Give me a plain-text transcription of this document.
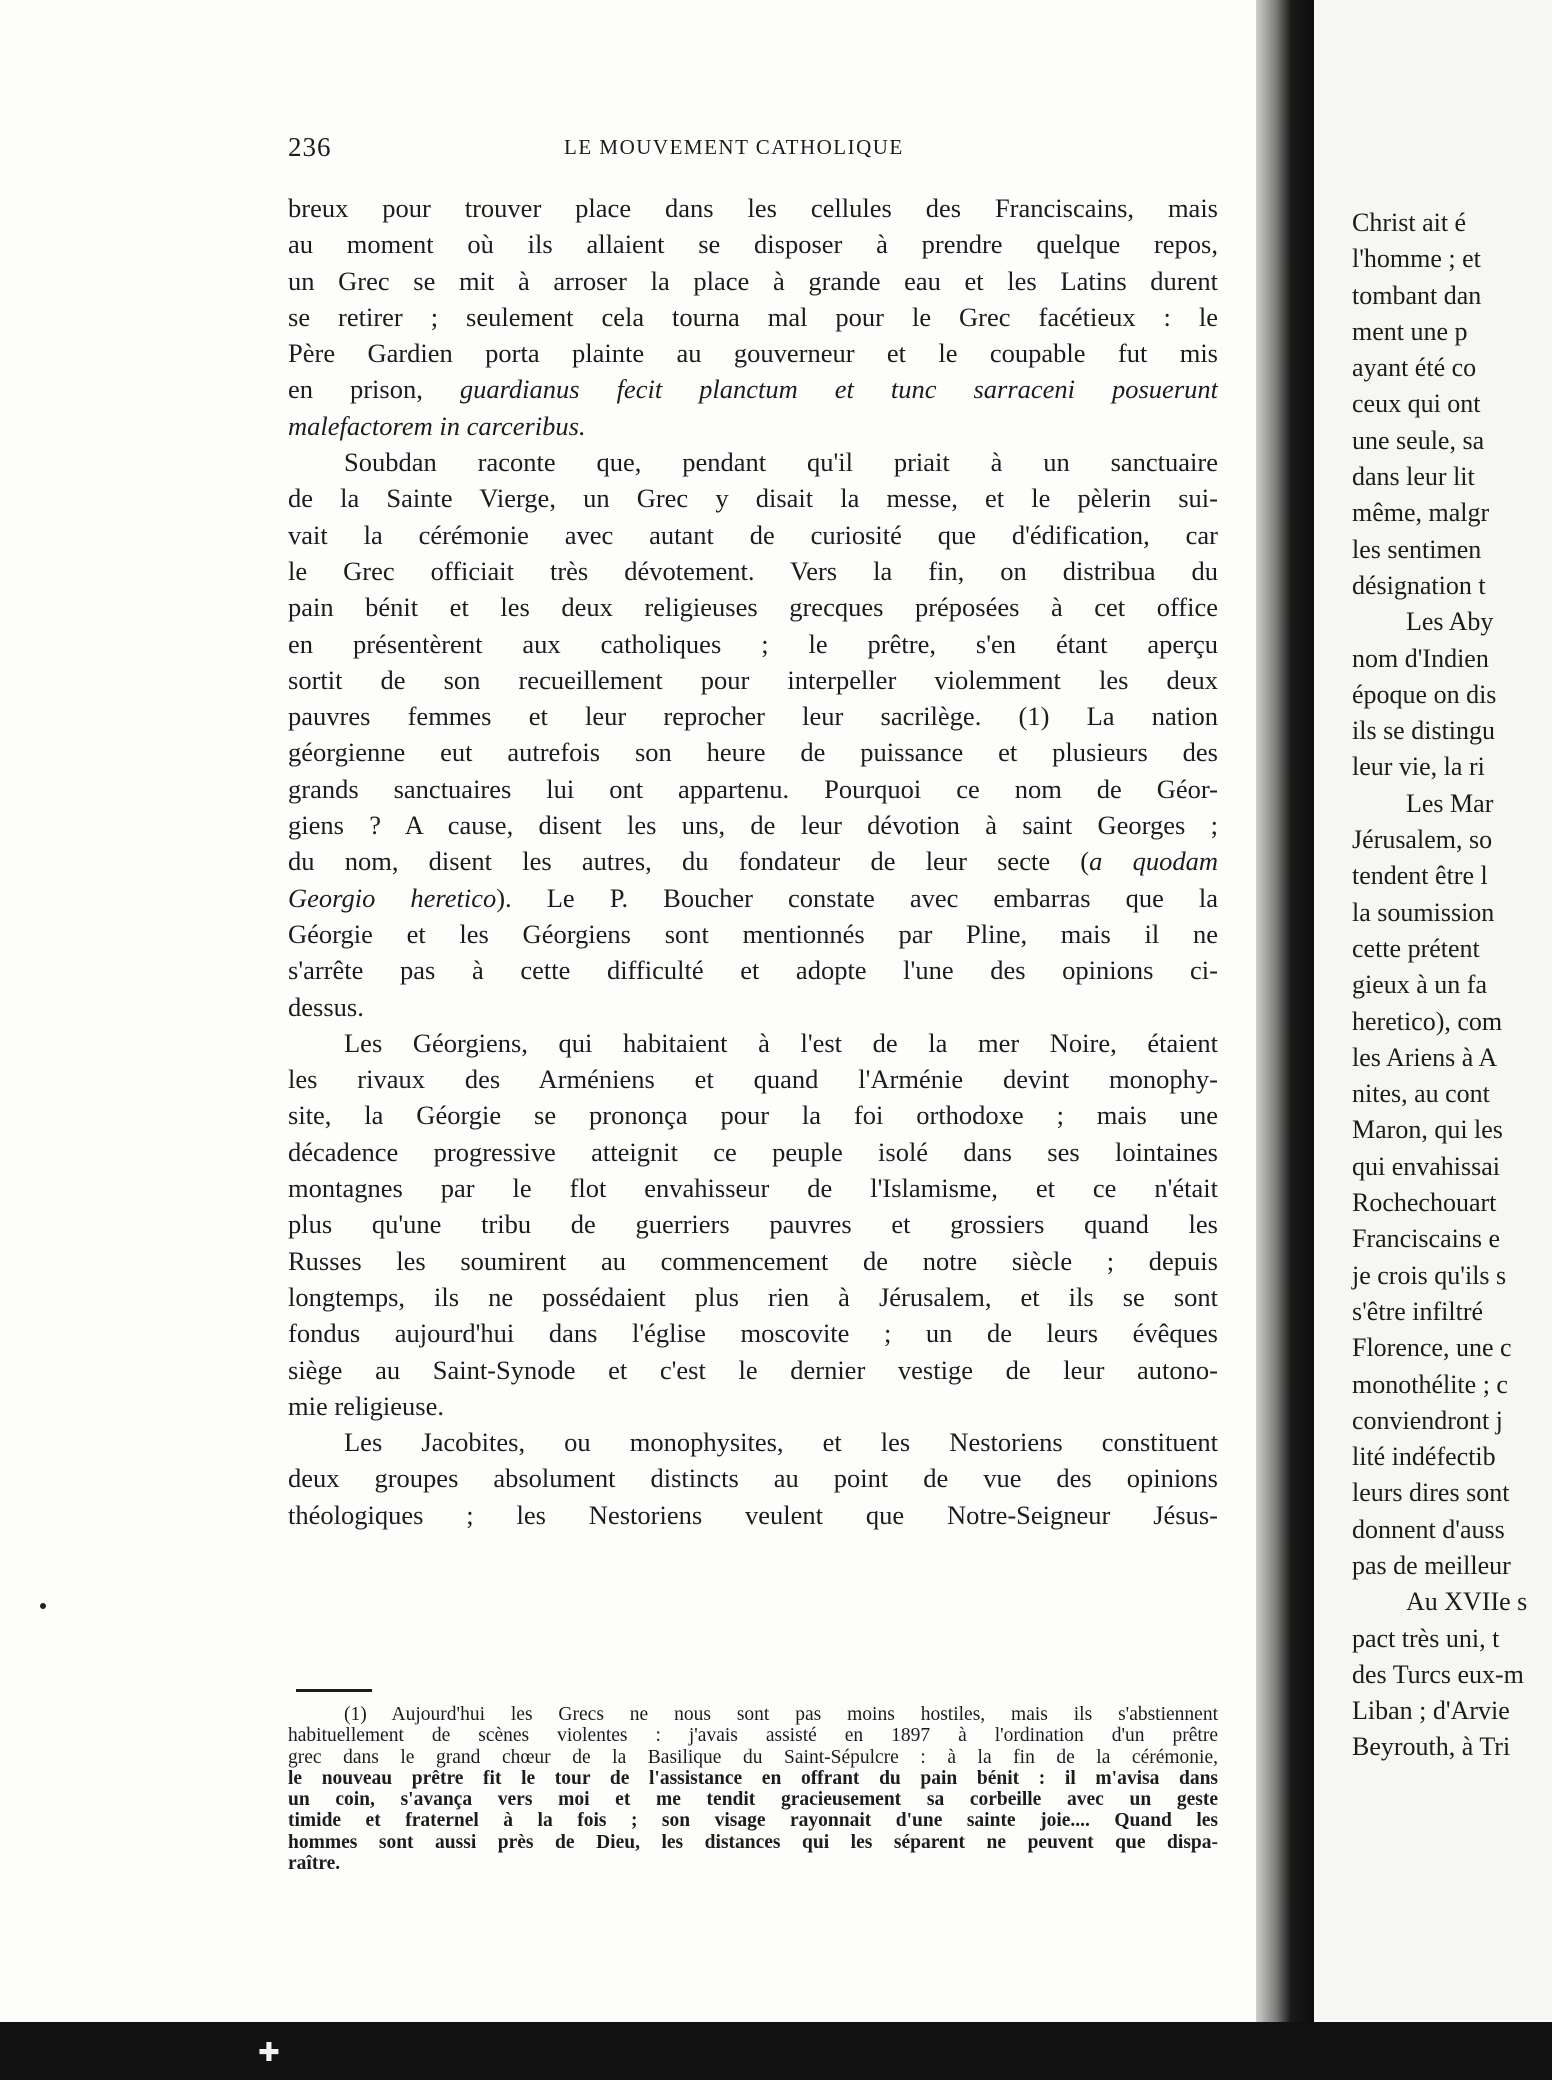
236	LE MOUVEMENT CATHOLIQUE
breux pour trouver place dans les cellules des Franciscains, mais
au moment où ils allaient se disposer à prendre quelque repos,
un Grec se mit à arroser la place à grande eau et les Latins durent
se retirer ; seulement cela tourna mal pour le Grec facétieux : le
Père Gardien porta plainte au gouverneur et le coupable fut mis
en prison, guardianus fecit planctum et tunc sarraceni posuerunt
malefactorem in carceribus.
Soubdan raconte que, pendant qu'il priait à un sanctuaire
de la Sainte Vierge, un Grec y disait la messe, et le pèlerin sui-
vait la cérémonie avec autant de curiosité que d'édification, car
le Grec officiait très dévotement. Vers la fin, on distribua du
pain bénit et les deux religieuses grecques préposées à cet office
en présentèrent aux catholiques ; le prêtre, s'en étant aperçu
sortit de son recueillement pour interpeller violemment les deux
pauvres femmes et leur reprocher leur sacrilège. (1) La nation
géorgienne eut autrefois son heure de puissance et plusieurs des
grands sanctuaires lui ont appartenu. Pourquoi ce nom de Géor-
giens ? A cause, disent les uns, de leur dévotion à saint Georges ;
du nom, disent les autres, du fondateur de leur secte (a quodam
Georgio heretico). Le P. Boucher constate avec embarras que la
Géorgie et les Géorgiens sont mentionnés par Pline, mais il ne
s'arrête pas à cette difficulté et adopte l'une des opinions ci-
dessus.
Les Géorgiens, qui habitaient à l'est de la mer Noire, étaient
les rivaux des Arméniens et quand l'Arménie devint monophy-
site, la Géorgie se prononça pour la foi orthodoxe ; mais une
décadence progressive atteignit ce peuple isolé dans ses lointaines
montagnes par le flot envahisseur de l'Islamisme, et ce n'était
plus qu'une tribu de guerriers pauvres et grossiers quand les
Russes les soumirent au commencement de notre siècle ; depuis
longtemps, ils ne possédaient plus rien à Jérusalem, et ils se sont
fondus aujourd'hui dans l'église moscovite ; un de leurs évêques
siège au Saint-Synode et c'est le dernier vestige de leur autono-
mie religieuse.
Les Jacobites, ou monophysites, et les Nestoriens constituent
deux groupes absolument distincts au point de vue des opinions
théologiques ; les Nestoriens veulent que Notre-Seigneur Jésus-
(1) Aujourd'hui les Grecs ne nous sont pas moins hostiles, mais ils s'abstiennent
habituellement de scènes violentes : j'avais assisté en 1897 à l'ordination d'un prêtre
grec dans le grand chœur de la Basilique du Saint-Sépulcre : à la fin de la cérémonie,
le nouveau prêtre fit le tour de l'assistance en offrant du pain bénit : il m'avisa dans
un coin, s'avança vers moi et me tendit gracieusement sa corbeille avec un geste
timide et fraternel à la fois ; son visage rayonnait d'une sainte joie.... Quand les
hommes sont aussi près de Dieu, les distances qui les séparent ne peuvent que dispa-
raître.
Christ ait é
l'homme ; et
tombant dan
ment une p
ayant été co
ceux qui ont
une seule, sa
dans leur lit
même, malgr
les sentimen
désignation t
Les Aby
nom d'Indien
époque on dis
ils se distingu
leur vie, la ri
Les Mar
Jérusalem, so
tendent être l
la soumission
cette prétent
gieux à un fa
heretico), com
les Ariens à A
nites, au cont
Maron, qui les
qui envahissai
Rochechouart
Franciscains e
je crois qu'ils s
s'être infiltré
Florence, une c
monothélite ; c
conviendront j
lité indéfectib
leurs dires sont
donnent d'auss
pas de meilleur
Au XVIIe s
pact très uni, t
des Turcs eux-m
Liban ; d'Arvie
Beyrouth, à Tri
✚
